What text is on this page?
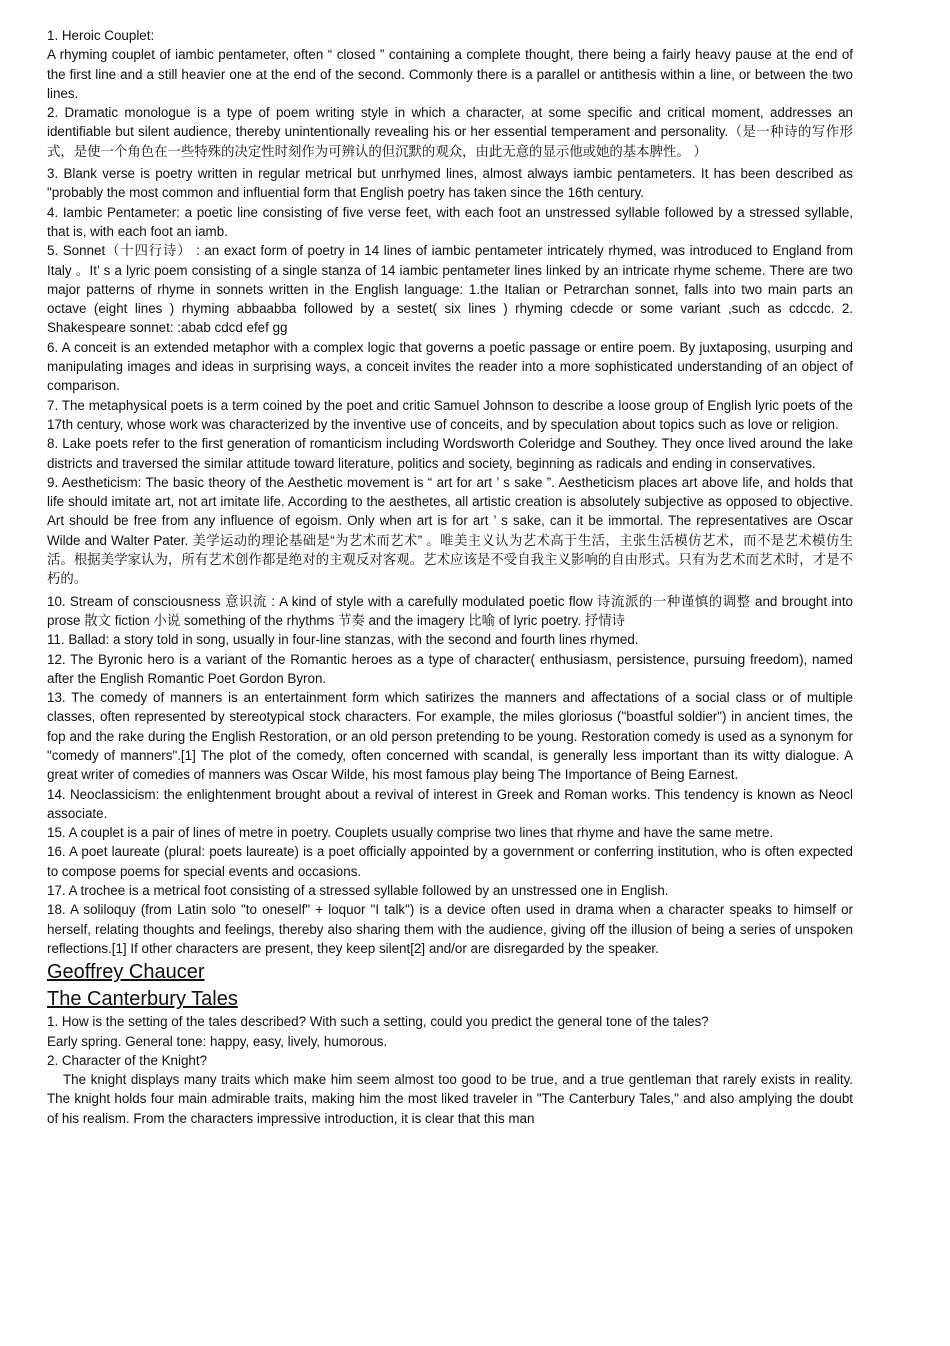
1. Heroic Couplet:

A rhyming couplet of iambic pentameter, often “ closed ” containing a complete thought, there being a fairly heavy pause at the end of the first line and a still heavier one at the end of the second. Commonly there is a parallel or antithesis within a line, or between the two lines.

2. Dramatic monologue is a type of poem writing style in which a character, at some specific and critical moment, addresses an identifiable but silent audience, thereby unintentionally revealing his or her essential temperament and personality.（是一种诗的写作形式，是使一个角色在一些特殊的决定性时刻作为可辨认的但沉默的观众，由此无意的显示他或她的基本脾性。 ）

3. Blank verse is poetry written in regular metrical but unrhymed lines, almost always iambic pentameters. It has been described as "probably the most common and influential form that English poetry has taken since the 16th century.

4. Iambic Pentameter: a poetic line consisting of five verse feet, with each foot an unstressed syllable followed by a stressed syllable, that is, with each foot an iamb.

5. Sonnet（十四行诗） : an exact form of poetry in 14 lines of iambic pentameter intricately rhymed, was introduced to England from Italy 。It’ s a lyric poem consisting of a single stanza of 14 iambic pentameter lines linked by an intricate rhyme scheme. There are two major patterns of rhyme in sonnets written in the English language: 1.the Italian or Petrarchan sonnet, falls into two main parts an octave (eight lines ) rhyming abbaabba followed by a sestet( six lines ) rhyming cdecde or some variant ,such as cdccdc. 2. Shakespeare sonnet: :abab cdcd efef gg

6. A conceit is an extended metaphor with a complex logic that governs a poetic passage or entire poem. By juxtaposing, usurping and manipulating images and ideas in surprising ways, a conceit invites the reader into a more sophisticated understanding of an object of comparison.

7. The metaphysical poets is a term coined by the poet and critic Samuel Johnson to describe a loose group of English lyric poets of the 17th century, whose work was characterized by the inventive use of conceits, and by speculation about topics such as love or religion.

8. Lake poets refer to the first generation of romanticism including Wordsworth Coleridge and Southey. They once lived around the lake districts and traversed the similar attitude toward literature, politics and society, beginning as radicals and ending in conservatives.

9. Aestheticism: The basic theory of the Aesthetic movement is “ art for art ’ s sake ”. Aestheticism places art above life, and holds that life should imitate art, not art imitate life. According to the aesthetes, all artistic creation is absolutely subjective as opposed to objective. Art should be free from any influence of egoism. Only when art is for art ’ s sake, can it be immortal. The representatives are Oscar Wilde and Walter Pater. 美学运动的理论基础是“为艺术而艺术” 。唯美主义认为艺术高于生活，主张生活模仿艺术，而不是艺术模仿生活。根据美学家认为，所有艺术创作都是绝对的主观反对客观。艺术应该是不受自我主义影响的自由形式。只有为艺术而艺术时，才是不朽的。

10. Stream of consciousness 意识流 : A kind of style with a carefully modulated poetic flow 诗流派的一种谨慎的调整 and brought into prose 散文 fiction 小说 something of the rhythms 节奏 and the imagery 比喻 of lyric poetry. 抒情诗

11. Ballad: a story told in song, usually in four-line stanzas, with the second and fourth lines rhymed.

12. The Byronic hero is a variant of the Romantic heroes as a type of character( enthusiasm, persistence, pursuing freedom), named after the English Romantic Poet Gordon Byron.

13. The comedy of manners is an entertainment form which satirizes the manners and affectations of a social class or of multiple classes, often represented by stereotypical stock characters. For example, the miles gloriosus ("boastful soldier") in ancient times, the fop and the rake during the English Restoration, or an old person pretending to be young. Restoration comedy is used as a synonym for "comedy of manners".[1] The plot of the comedy, often concerned with scandal, is generally less important than its witty dialogue. A great writer of comedies of manners was Oscar Wilde, his most famous play being The Importance of Being Earnest.

14. Neoclassicism: the enlightenment brought about a revival of interest in Greek and Roman works. This tendency is known as Neocl associate.

15. A couplet is a pair of lines of metre in poetry. Couplets usually comprise two lines that rhyme and have the same metre.

16. A poet laureate (plural: poets laureate) is a poet officially appointed by a government or conferring institution, who is often expected to compose poems for special events and occasions.

17. A trochee is a metrical foot consisting of a stressed syllable followed by an unstressed one in English.

18. A soliloquy (from Latin solo "to oneself" + loquor "I talk") is a device often used in drama when a character speaks to himself or herself, relating thoughts and feelings, thereby also sharing them with the audience, giving off the illusion of being a series of unspoken reflections.[1] If other characters are present, they keep silent[2] and/or are disregarded by the speaker.

Geoffrey Chaucer
The Canterbury Tales

1. How is the setting of the tales described? With such a setting, could you predict the general tone of the tales?

Early spring. General tone: happy, easy, lively, humorous.

2. Character of the Knight?

The knight displays many traits which make him seem almost too good to be true, and a true gentleman that rarely exists in reality. The knight holds four main admirable traits, making him the most liked traveler in "The Canterbury Tales," and also amplying the doubt of his realism. From the characters impressive introduction, it is clear that this man
